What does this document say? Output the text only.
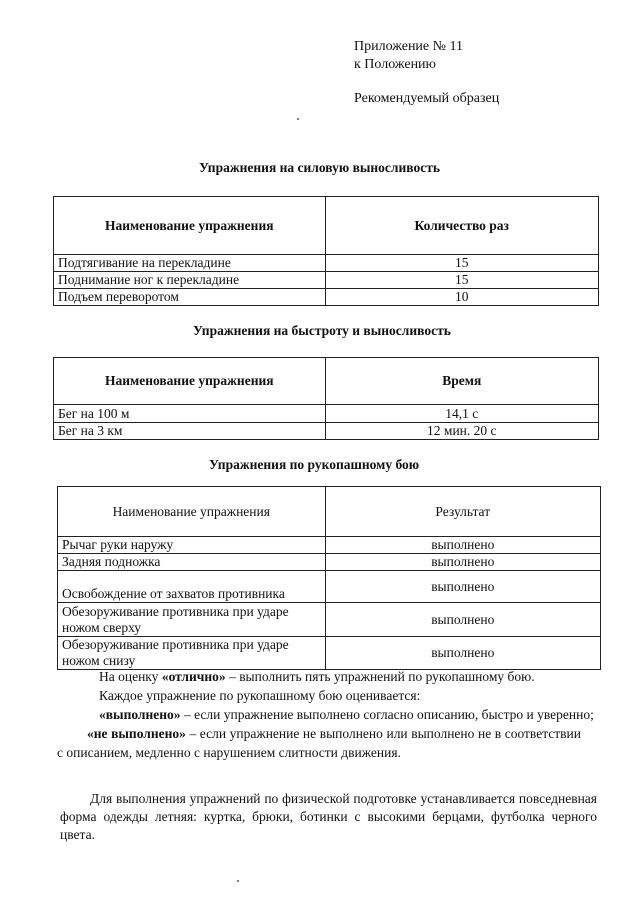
Приложение № 11
к Положению
Рекомендуемый образец
Упражнения на силовую выносливость
Наименование упражнения	Количество раз
Подтягивание на перекладине	15
Поднимание ног к перекладине	15
Подъем переворотом	10
Упражнения на быстроту и выносливость
Наименование упражнения	Время
Бег на 100 м	14,1 с
Бег на 3 км	12 мин. 20 с
Упражнения по рукопашному бою
Наименование упражнения	Результат
Рычаг руки наружу	выполнено
Задняя подножка	выполнено
Освобождение от захватов противника	выполнено
Обезоруживание противника при ударе ножом сверху	выполнено
Обезоруживание противника при ударе ножом снизу	выполнено

На оценку «отлично» – выполнить пять упражнений по рукопашному бою.

Каждое упражнение по рукопашному бою оценивается:

«выполнено» – если упражнение выполнено согласно описанию, быстро и уверенно;

«не выполнено» – если упражнение не выполнено или выполнено не в соответствии с описанием, медленно с нарушением слитности движения.

Для выполнения упражнений по физической подготовке устанавливается повседневная форма одежды летняя: куртка, брюки, ботинки с высокими берцами, футболка черного цвета.
